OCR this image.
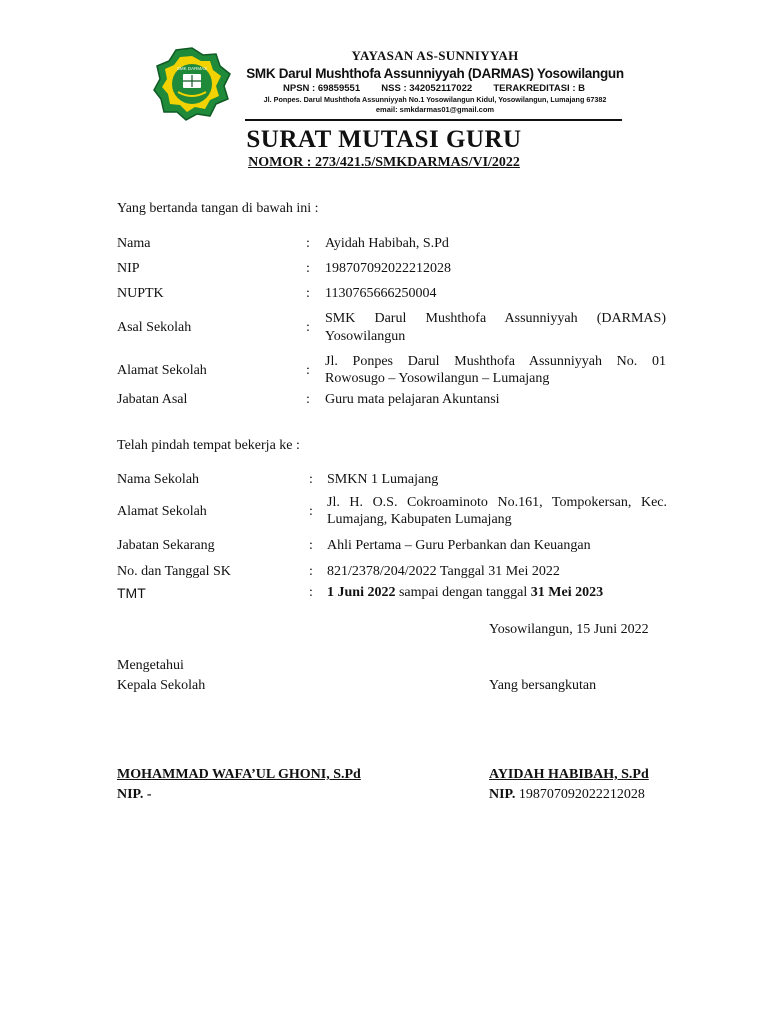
SMK DARMAS
YAYASAN AS-SUNNIYYAH
SMK Darul Mushthofa Assunniyyah (DARMAS) Yosowilangun
NPSN : 69859551 NSS : 342052117022 TERAKREDITASI : B
Jl. Ponpes. Darul Mushthofa Assunniyyah No.1 Yosowilangun Kidul, Yosowilangun, Lumajang 67382
email: smkdarmas01@gmail.com
SURAT MUTASI GURU
NOMOR : 273/421.5/SMKDARMAS/VI/2022
Yang bertanda tangan di bawah ini :
Nama	: Ayidah Habibah, S.Pd
NIP	: 198707092022212028
NUPTK	: 1130765666250004
Asal Sekolah	:
SMK Darul Mushthofa Assunniyyah (DARMAS)
Yosowilangun
Alamat Sekolah	:
Jl. Ponpes Darul Mushthofa Assunniyyah No. 01
Rowosugo – Yosowilangun – Lumajang
Jabatan Asal	: Guru mata pelajaran Akuntansi
Telah pindah tempat bekerja ke :
Nama Sekolah	: SMKN 1 Lumajang
Alamat Sekolah	:
Jl. H. O.S. Cokroaminoto No.161, Tompokersan, Kec.
Lumajang, Kabupaten Lumajang
Jabatan Sekarang	: Ahli Pertama – Guru Perbankan dan Keuangan
No. dan Tanggal SK	: 821/2378/204/2022 Tanggal 31 Mei 2022
TMT	: 1 Juni 2022 sampai dengan tanggal 31 Mei 2023
Yosowilangun, 15 Juni 2022
Mengetahui
Kepala Sekolah	Yang bersangkutan
MOHAMMAD WAFA’UL GHONI, S.Pd
NIP. -
AYIDAH HABIBAH, S.Pd
NIP. 198707092022212028
